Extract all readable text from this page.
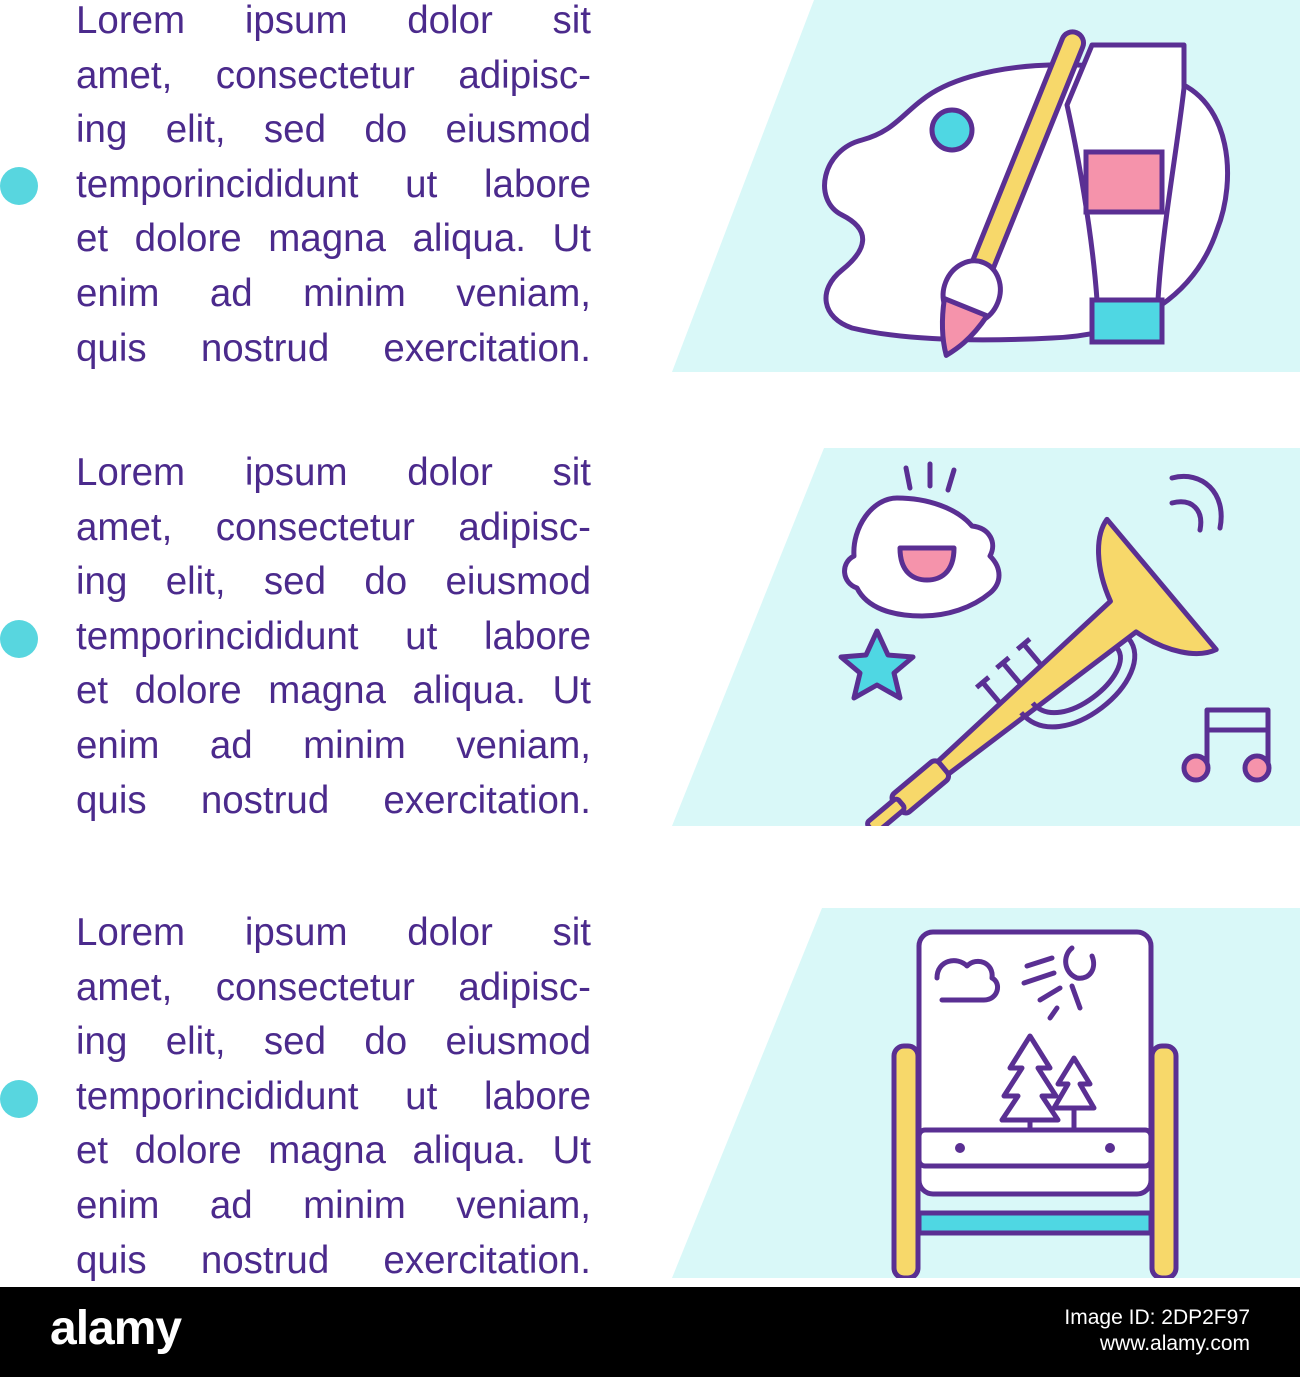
Lorem ipsum dolor sit
amet, consectetur adipisc-
ing elit, sed do eiusmod
temporincididunt ut labore
et dolore magna aliqua. Ut
enim ad minim veniam,
quis nostrud exercitation.

Lorem ipsum dolor sit
amet, consectetur adipisc-
ing elit, sed do eiusmod
temporincididunt ut labore
et dolore magna aliqua. Ut
enim ad minim veniam,
quis nostrud exercitation.

Lorem ipsum dolor sit
amet, consectetur adipisc-
ing elit, sed do eiusmod
temporincididunt ut labore
et dolore magna aliqua. Ut
enim ad minim veniam,
quis nostrud exercitation.

alamy	Image ID: 2DP2F97
www.alamy.com
